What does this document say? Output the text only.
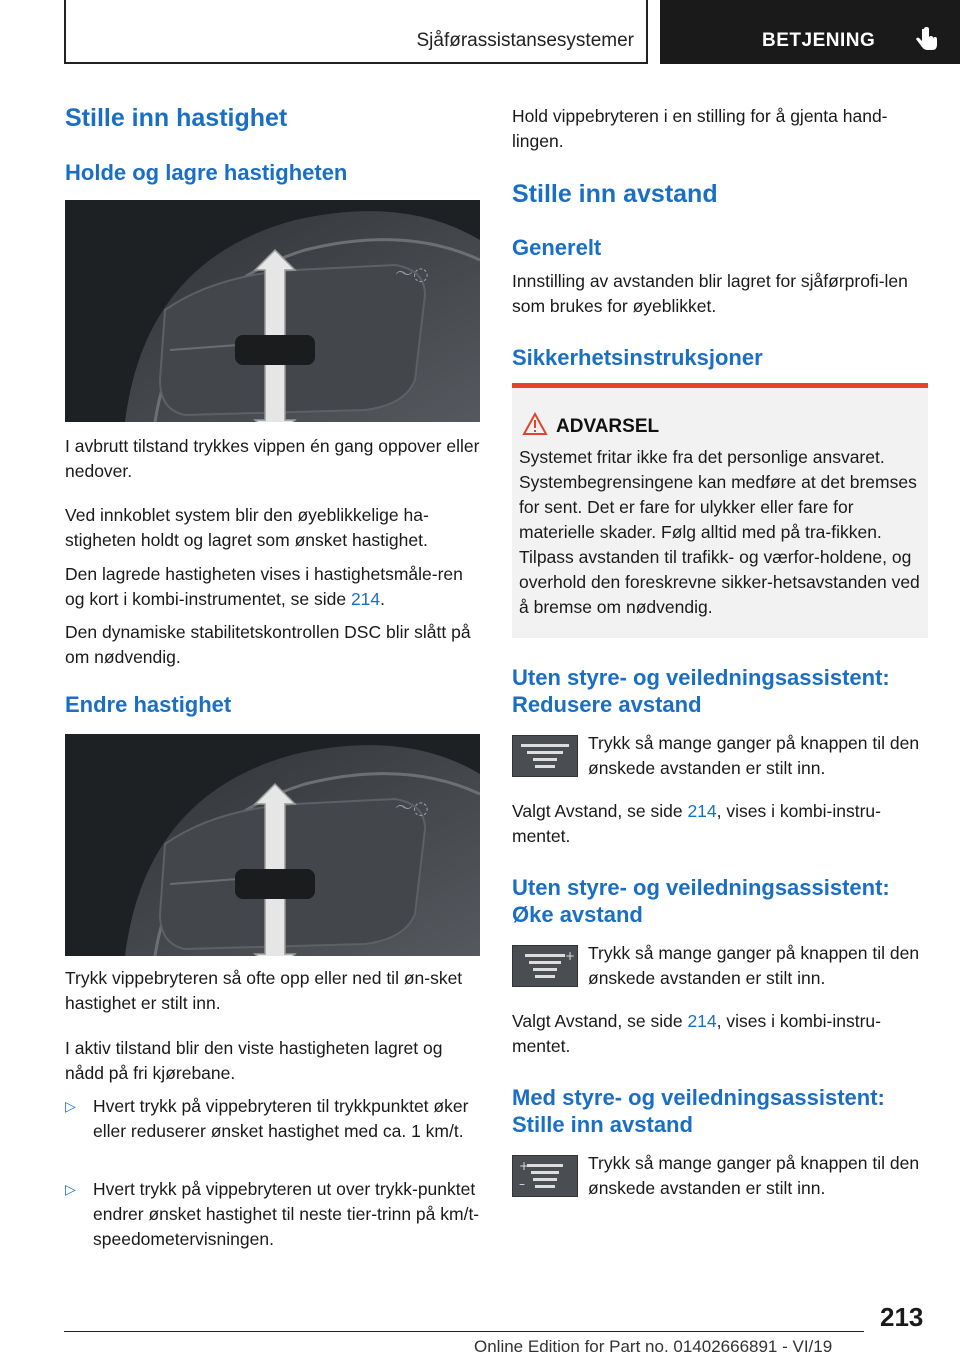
Sjåførassistansesystemer	BETJENING
Stille inn hastighet
Holde og lagre hastigheten
〜◌

I avbrutt tilstand trykkes vippen én gang oppover eller nedover.

Ved innkoblet system blir den øyeblikkelige ha-stigheten holdt og lagret som ønsket hastighet.

Den lagrede hastigheten vises i hastighetsmåle-ren og kort i kombi-instrumentet, se side 214.

Den dynamiske stabilitetskontrollen DSC blir slått på om nødvendig.

Endre hastighet
〜◌

Trykk vippebryteren så ofte opp eller ned til øn-sket hastighet er stilt inn.

I aktiv tilstand blir den viste hastigheten lagret og nådd på fri kjørebane.

▷ Hvert trykk på vippebryteren til trykkpunktet øker eller reduserer ønsket hastighet med ca. 1 km/t.
▷ Hvert trykk på vippebryteren ut over trykk-punktet endrer ønsket hastighet til neste tier-trinn på km/t-speedometervisningen.

Hold vippebryteren i en stilling for å gjenta hand-lingen.

Stille inn avstand
Generelt

Innstilling av avstanden blir lagret for sjåførprofi-len som brukes for øyeblikket.

Sikkerhetsinstruksjoner
ADVARSEL
Systemet fritar ikke fra det personlige ansvaret. Systembegrensingene kan medføre at det bremses for sent. Det er fare for ulykker eller fare for materielle skader. Følg alltid med på tra-fikken. Tilpass avstanden til trafikk- og værfor-holdene, og overhold den foreskrevne sikker-hetsavstanden ved å bremse om nødvendig.
Uten styre- og veiledningsassistent:
Redusere avstand

Trykk så mange ganger på knappen til den ønskede avstanden er stilt inn.

Valgt Avstand, se side 214, vises i kombi-instru-mentet.

Uten styre- og veiledningsassistent:
Øke avstand
+ Trykk så mange ganger på knappen til den ønskede avstanden er stilt inn.

Valgt Avstand, se side 214, vises i kombi-instru-mentet.

Med styre- og veiledningsassistent:
Stille inn avstand
+
–

Trykk så mange ganger på knappen til den ønskede avstanden er stilt inn.

213
Online Edition for Part no. 01402666891 - VI/19
